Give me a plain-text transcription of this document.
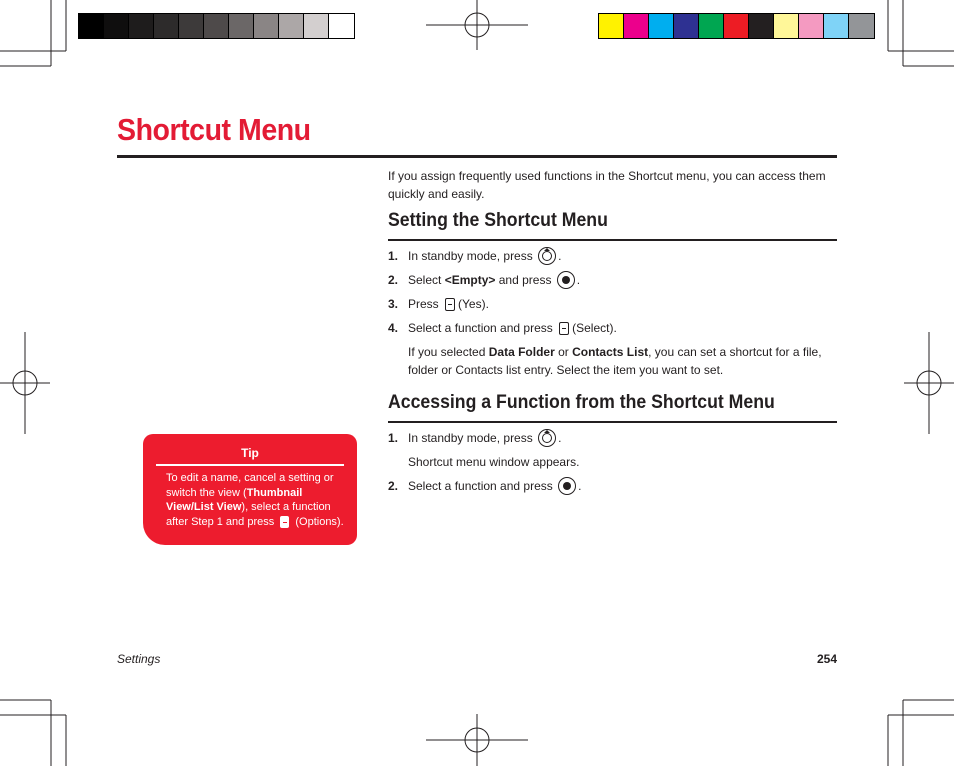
Shortcut Menu
If you assign frequently used functions in the Shortcut menu, you can access them quickly and easily.
Setting the Shortcut Menu
1. In standby mode, press
.
2. Select
<Empty>
and press
.
3. Press
(Yes).
4. Select a function and press
(Select).
If you selected Data Folder or Contacts List, you can set a shortcut for a file, folder or Contacts list entry. Select the item you want to set.
Accessing a Function from the Shortcut Menu
1. In standby mode, press
.
Shortcut menu window appears.
2. Select a function and press
.
Tip
To edit a name, cancel a setting or switch the view (Thumbnail View/List View), select a function after Step 1 and press (Options).
Settings	254
